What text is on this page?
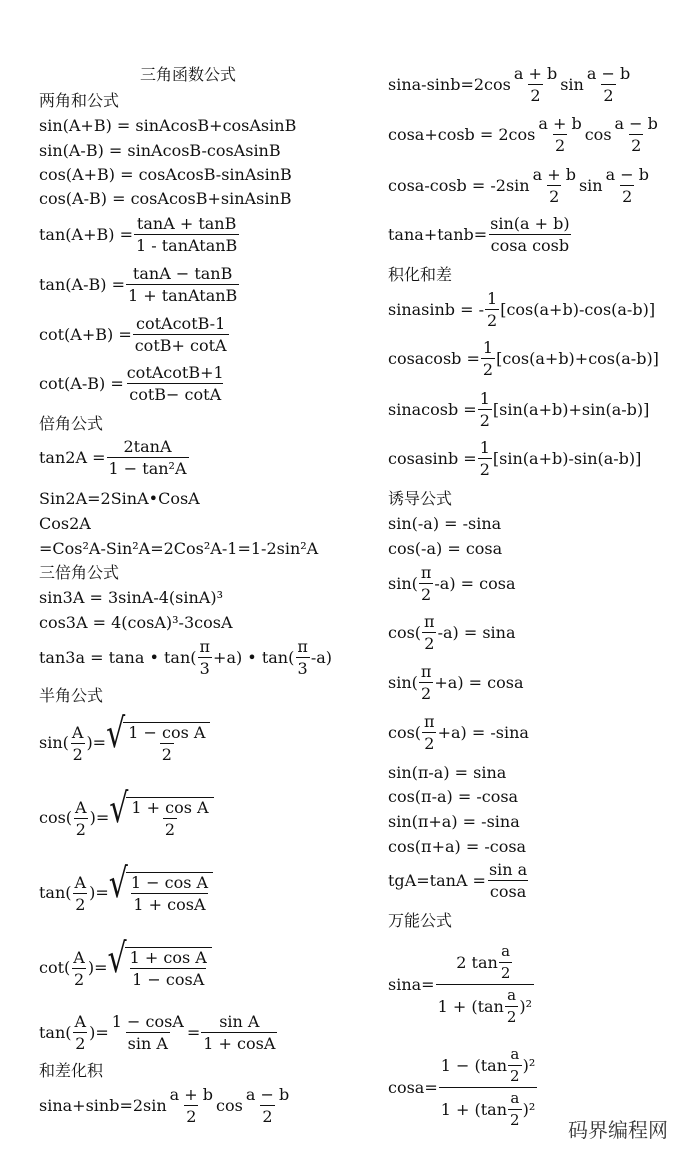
三角函数公式
两角和公式
sin(A+B) = sinAcosB+cosAsinB
sin(A-B) = sinAcosB-cosAsinB
cos(A+B) = cosAcosB-sinAsinB
cos(A-B) = cosAcosB+sinAsinB
$\tan(A+B) = \frac{\tan A + \tan B}{\text{1 - tanAtanB}}$
$\tan(A-B) = \frac{\tan A - \tan B}{\text{1 + tanAtanB}}$
$\cot(A+B) = \frac{\text{cotAcotB-1}}{\cot B+ \cot A}$
$\cot(A-B) = \frac{\text{cotAcotB+1}}{\cot B- \cot A}$
倍角公式
$\tan 2A = \frac{2\tan A}{\text{1 − tan²A}}$
Sin2A=2SinA•CosA
Cos2A
=Cos²A-Sin²A=2Cos²A-1=1-2sin²A
三倍角公式
sin3A = 3sinA-4(sinA)³
cos3A = 4(cosA)³-3cosA
tan3a = tana • tan(
π
3
+a) • tan(
π
3
-a)
半角公式
sin(
A
2
)= √ 1 − cos A
2
cos(
A
2
)= √ 1 + cos A
2
tan(
A
2
)= √ 1 − cos A
1 + cosA
cot(
A
2
)= √ 1 + cos A
1 − cosA
tan(
A
2
)= $\frac{1 - \cos A}{\text{sin A}} = \frac{\text{sin A}}{1 + \cos A}$
和差化积
sina+sinb=2sin
a + b
2
cos
a − b
2
sina-sinb=2cos
a + b
2
sin
a − b
2
cosa+cosb = 2cos
a + b
2
cos
a − b
2
cosa-cosb = -2sin
a + b
2
sin
a − b
2
$\tan a+\tan b= \frac{\sin(a + b)}{\text{cosa cosb}}$
积化和差
sinasinb = -
1
2
[cos(a+b)-cos(a-b)]
cosacosb = $\frac{1}{2} [\cos(a+b)+\cos(a-b)]$
sinacosb = $\frac{1}{2} [\sin(a+b)+\sin(a-b)]$
cosasinb = $\frac{1}{2} [\sin(a+b)-\sin(a-b)]$
诱导公式
sin(-a) = -sina
cos(-a) = cosa
sin(
π
2
-a) = cosa
cos(
π
2
-a) = sina
sin(
π
2
+a) = cosa
cos(
π
2
+a) = -sina
sin(π-a) = sina
cos(π-a) = -cosa
sin(π+a) = -sina
cos(π+a) = -cosa
$tgA=\tan A = \frac{\text{sin a}}{\cos a}$
万能公式
sina= 2 tan
a
2
1 + (tan
a
2
)²
cosa= 1 − (tan
a
2
)²
1 + (tan
a
2
)² 码界编程网
